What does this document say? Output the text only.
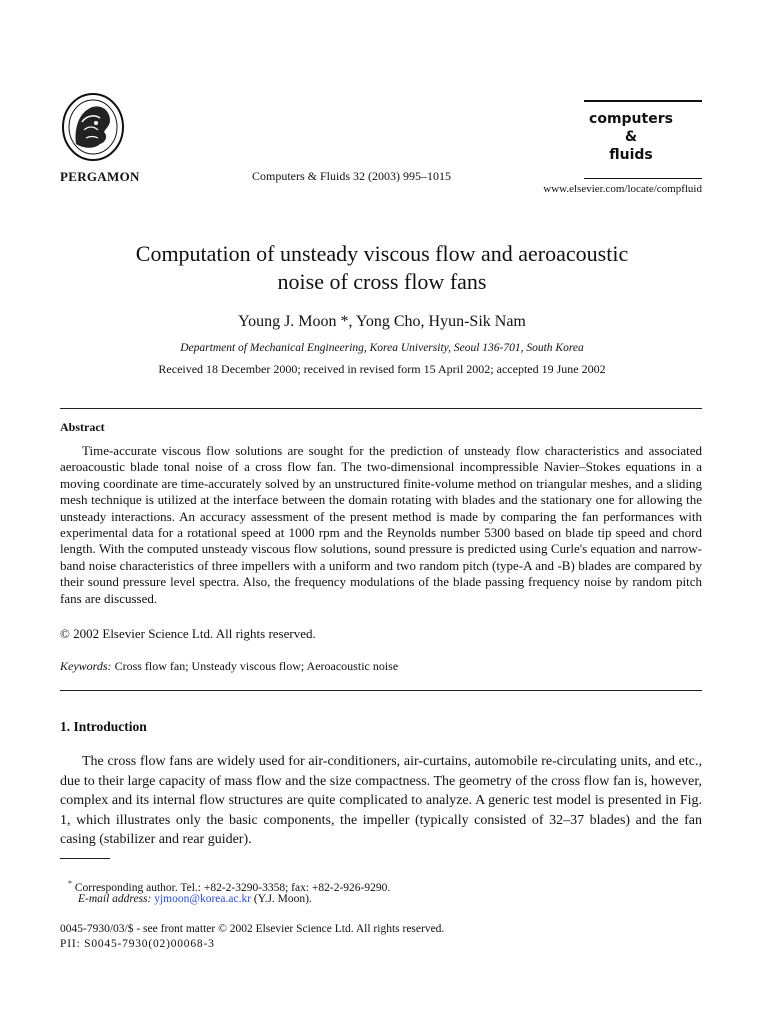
PERGAMON	Computers & Fluids 32 (2003) 995–1015
computers
&
fluids
www.elsevier.com/locate/compfluid
Computation of unsteady viscous flow and aeroacoustic
noise of cross flow fans
Young J. Moon *, Yong Cho, Hyun-Sik Nam
Department of Mechanical Engineering, Korea University, Seoul 136-701, South Korea
Received 18 December 2000; received in revised form 15 April 2002; accepted 19 June 2002
Abstract
Time-accurate viscous flow solutions are sought for the prediction of unsteady flow characteristics and associated aeroacoustic blade tonal noise of a cross flow fan. The two-dimensional incompressible Navier–Stokes equations in a moving coordinate are time-accurately solved by an unstructured finite-volume method on triangular meshes, and a sliding mesh technique is utilized at the interface between the domain rotating with blades and the stationary one for allowing the unsteady interactions. An accuracy assessment of the present method is made by comparing the fan performances with experimental data for a rotational speed at 1000 rpm and the Reynolds number 5300 based on blade tip speed and chord length. With the computed unsteady viscous flow solutions, sound pressure is predicted using Curle's equation and narrow-band noise characteristics of three impellers with a uniform and two random pitch (type-A and -B) blades are compared by their sound pressure level spectra. Also, the frequency modulations of the blade passing frequency noise by random pitch fans are discussed.
© 2002 Elsevier Science Ltd. All rights reserved.
Keywords: Cross flow fan; Unsteady viscous flow; Aeroacoustic noise
1. Introduction
The cross flow fans are widely used for air-conditioners, air-curtains, automobile re-circulating units, and etc., due to their large capacity of mass flow and the size compactness. The geometry of the cross flow fan is, however, complex and its internal flow structures are quite complicated to analyze. A generic test model is presented in Fig. 1, which illustrates only the basic components, the impeller (typically consisted of 32–37 blades) and the fan casing (stabilizer and rear guider).
* Corresponding author. Tel.: +82-2-3290-3358; fax: +82-2-926-9290.
E-mail address: yjmoon@korea.ac.kr (Y.J. Moon).
0045-7930/03/$ - see front matter © 2002 Elsevier Science Ltd. All rights reserved.
PII: S0045-7930(02)00068-3
